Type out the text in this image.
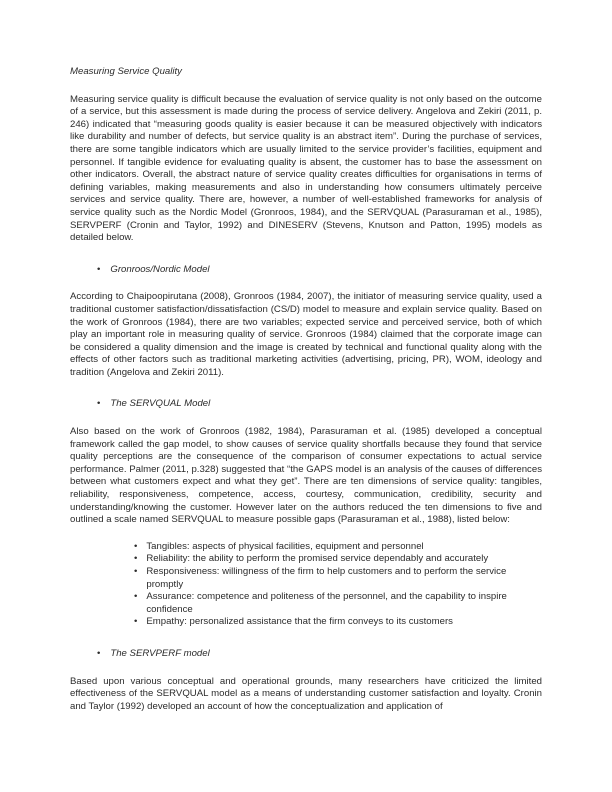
Measuring Service Quality

Measuring service quality is difficult because the evaluation of service quality is not only based on the outcome of a service, but this assessment is made during the process of service delivery. Angelova and Zekiri (2011, p. 246) indicated that “measuring goods quality is easier because it can be measured objectively with indicators like durability and number of defects, but service quality is an abstract item”. During the purchase of services, there are some tangible indicators which are usually limited to the service provider’s facilities, equipment and personnel. If tangible evidence for evaluating quality is absent, the customer has to base the assessment on other indicators. Overall, the abstract nature of service quality creates difficulties for organisations in terms of defining variables, making measurements and also in understanding how consumers ultimately perceive services and service quality. There are, however, a number of well-established frameworks for analysis of service quality such as the Nordic Model (Gronroos, 1984), and the SERVQUAL (Parasuraman et al., 1985), SERVPERF (Cronin and Taylor, 1992) and DINESERV (Stevens, Knutson and Patton, 1995) models as detailed below.

• Gronroos/Nordic Model

According to Chaipoopirutana (2008), Gronroos (1984, 2007), the initiator of measuring service quality, used a traditional customer satisfaction/dissatisfaction (CS/D) model to measure and explain service quality. Based on the work of Gronroos (1984), there are two variables; expected service and perceived service, both of which play an important role in measuring quality of service. Gronroos (1984) claimed that the corporate image can be considered a quality dimension and the image is created by technical and functional quality along with the effects of other factors such as traditional marketing activities (advertising, pricing, PR), WOM, ideology and tradition (Angelova and Zekiri 2011).

• The SERVQUAL Model

Also based on the work of Gronroos (1982, 1984), Parasuraman et al. (1985) developed a conceptual framework called the gap model, to show causes of service quality shortfalls because they found that service quality perceptions are the consequence of the comparison of consumer expectations to actual service performance. Palmer (2011, p.328) suggested that “the GAPS model is an analysis of the causes of differences between what customers expect and what they get”. There are ten dimensions of service quality: tangibles, reliability, responsiveness, competence, access, courtesy, communication, credibility, security and understanding/knowing the customer. However later on the authors reduced the ten dimensions to five and outlined a scale named SERVQUAL to measure possible gaps (Parasuraman et al., 1988), listed below:

• Tangibles: aspects of physical facilities, equipment and personnel
• Reliability: the ability to perform the promised service dependably and accurately
• Responsiveness: willingness of the firm to help customers and to perform the service promptly
• Assurance: competence and politeness of the personnel, and the capability to inspire confidence
• Empathy: personalized assistance that the firm conveys to its customers
• The SERVPERF model

Based upon various conceptual and operational grounds, many researchers have criticized the limited effectiveness of the SERVQUAL model as a means of understanding customer satisfaction and loyalty. Cronin and Taylor (1992) developed an account of how the conceptualization and application of
